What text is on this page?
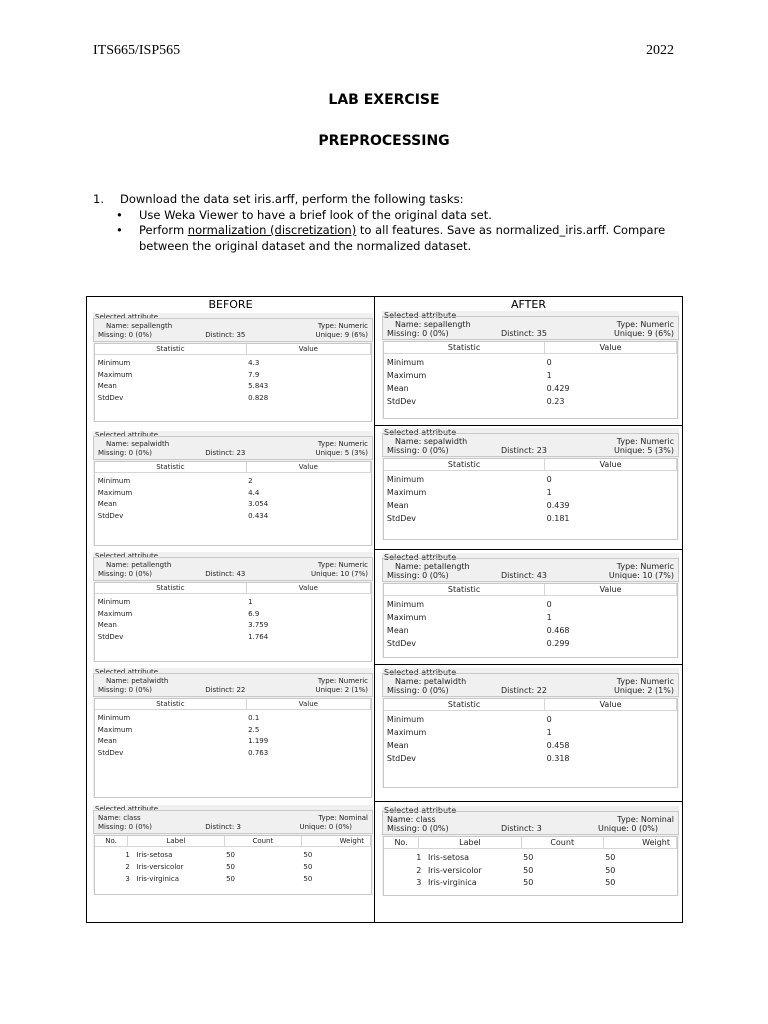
ITS665/ISP565	2022
LAB EXERCISE
PREPROCESSING
1. Download the data set iris.arff, perform the following tasks:
• Use Weka Viewer to have a brief look of the original data set.
• Perform normalization (discretization) to all features. Save as normalized_iris.arff. Compare between the original dataset and the normalized dataset.
BEFORE	AFTER
Selected attribute
Name: sepallength	Type: Numeric
Missing: 0 (0%)	Distinct: 35	Unique: 9 (6%)
Statistic	Value
Minimum	4.3
Maximum	7.9
Mean	5.843
StdDev	0.828
Selected attribute
Name: sepalwidth	Type: Numeric
Missing: 0 (0%)	Distinct: 23	Unique: 5 (3%)
Statistic	Value
Minimum	2
Maximum	4.4
Mean	3.054
StdDev	0.434
Selected attribute
Name: petallength	Type: Numeric
Missing: 0 (0%)	Distinct: 43	Unique: 10 (7%)
Statistic	Value
Minimum	1
Maximum	6.9
Mean	3.759
StdDev	1.764
Selected attribute
Name: petalwidth	Type: Numeric
Missing: 0 (0%)	Distinct: 22	Unique: 2 (1%)
Statistic	Value
Minimum	0.1
Maximum	2.5
Mean	1.199
StdDev	0.763
Selected attribute
Name: class	Type: Nominal
Missing: 0 (0%)	Distinct: 3	Unique: 0 (0%)
No.	Label	Count	Weight
1 Iris-setosa	50	50
2 Iris-versicolor	50	50
3 Iris-virginica	50	50
Selected attribute
Name: sepallength	Type: Numeric
Missing: 0 (0%)	Distinct: 35	Unique: 9 (6%)
Statistic	Value
Minimum	0
Maximum	1
Mean	0.429
StdDev	0.23
Selected attribute
Name: sepalwidth	Type: Numeric
Missing: 0 (0%)	Distinct: 23	Unique: 5 (3%)
Statistic	Value
Minimum	0
Maximum	1
Mean	0.439
StdDev	0.181
Selected attribute
Name: petallength	Type: Numeric
Missing: 0 (0%)	Distinct: 43	Unique: 10 (7%)
Statistic	Value
Minimum	0
Maximum	1
Mean	0.468
StdDev	0.299
Selected attribute
Name: petalwidth	Type: Numeric
Missing: 0 (0%)	Distinct: 22	Unique: 2 (1%)
Statistic	Value
Minimum	0
Maximum	1
Mean	0.458
StdDev	0.318
Selected attribute
Name: class	Type: Nominal
Missing: 0 (0%)	Distinct: 3	Unique: 0 (0%)
No.	Label	Count	Weight
1 Iris-setosa	50	50
2 Iris-versicolor	50	50
3 Iris-virginica	50	50
